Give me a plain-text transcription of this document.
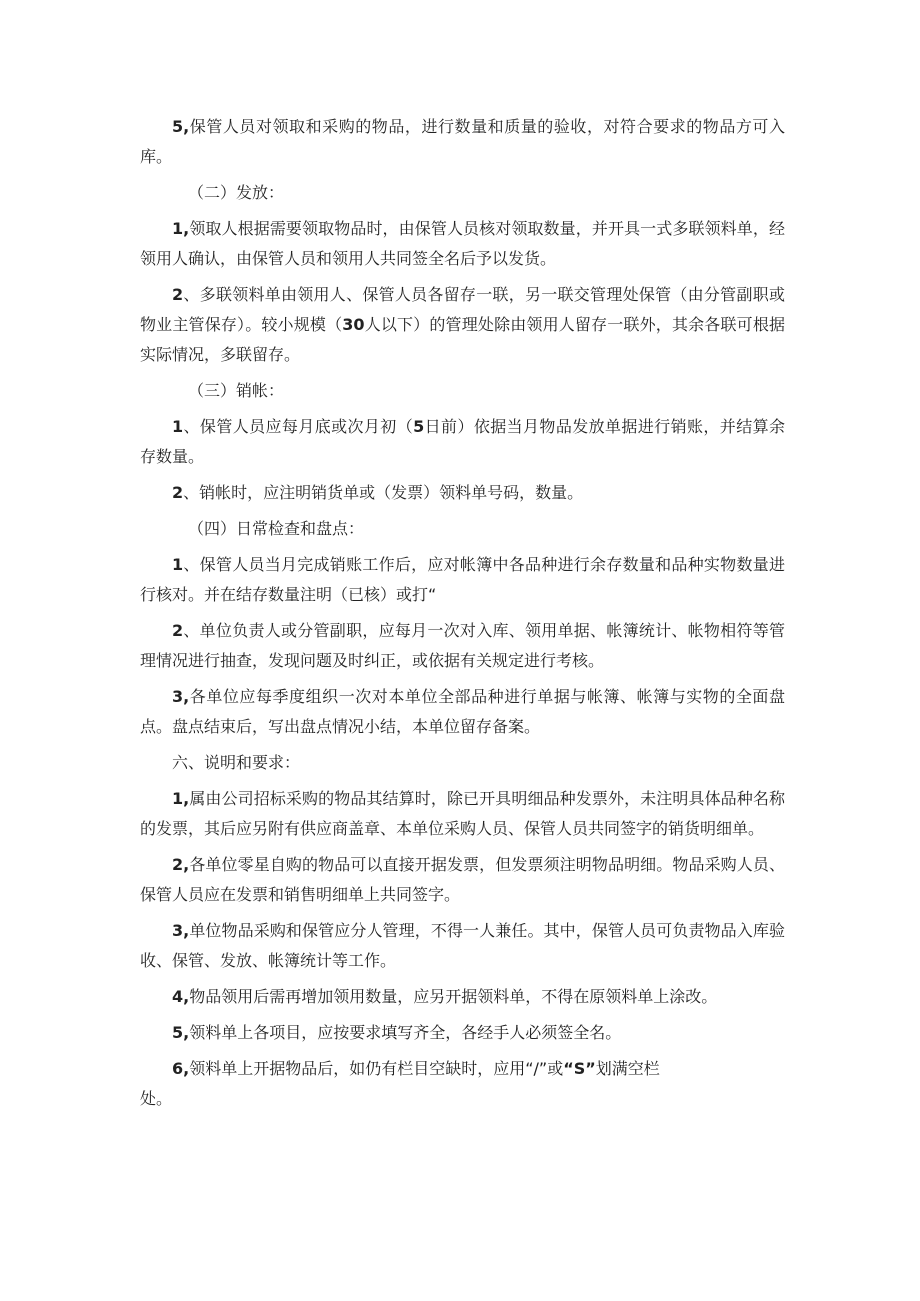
5,保管人员对领取和采购的物品，进行数量和质量的验收，对符合要求的物品方可入库。

（二）发放：

1,领取人根据需要领取物品时，由保管人员核对领取数量，并开具一式多联领料单，经领用人确认，由保管人员和领用人共同签全名后予以发货。

2、多联领料单由领用人、保管人员各留存一联，另一联交管理处保管（由分管副职或物业主管保存）。较小规模（30人以下）的管理处除由领用人留存一联外，其余各联可根据实际情况，多联留存。

（三）销帐：

1、保管人员应每月底或次月初（5日前）依据当月物品发放单据进行销账，并结算余存数量。

2、销帐时，应注明销货单或（发票）领料单号码，数量。

（四）日常检查和盘点：

1、保管人员当月完成销账工作后，应对帐簿中各品种进行余存数量和品种实物数量进行核对。并在结存数量注明（已核）或打“

2、单位负责人或分管副职，应每月一次对入库、领用单据、帐簿统计、帐物相符等管理情况进行抽查，发现问题及时纠正，或依据有关规定进行考核。

3,各单位应每季度组织一次对本单位全部品种进行单据与帐簿、帐簿与实物的全面盘点。盘点结束后，写出盘点情况小结，本单位留存备案。

六、说明和要求：

1,属由公司招标采购的物品其结算时，除已开具明细品种发票外，未注明具体品种名称的发票，其后应另附有供应商盖章、本单位采购人员、保管人员共同签字的销货明细单。

2,各单位零星自购的物品可以直接开据发票，但发票须注明物品明细。物品采购人员、保管人员应在发票和销售明细单上共同签字。

3,单位物品采购和保管应分人管理，不得一人兼任。其中，保管人员可负责物品入库验收、保管、发放、帐簿统计等工作。

4,物品领用后需再增加领用数量，应另开据领料单，不得在原领料单上涂改。

5,领料单上各项目，应按要求填写齐全，各经手人必须签全名。

6,领料单上开据物品后，如仍有栏目空缺时，应用“/”或“S”划满空栏
处。
